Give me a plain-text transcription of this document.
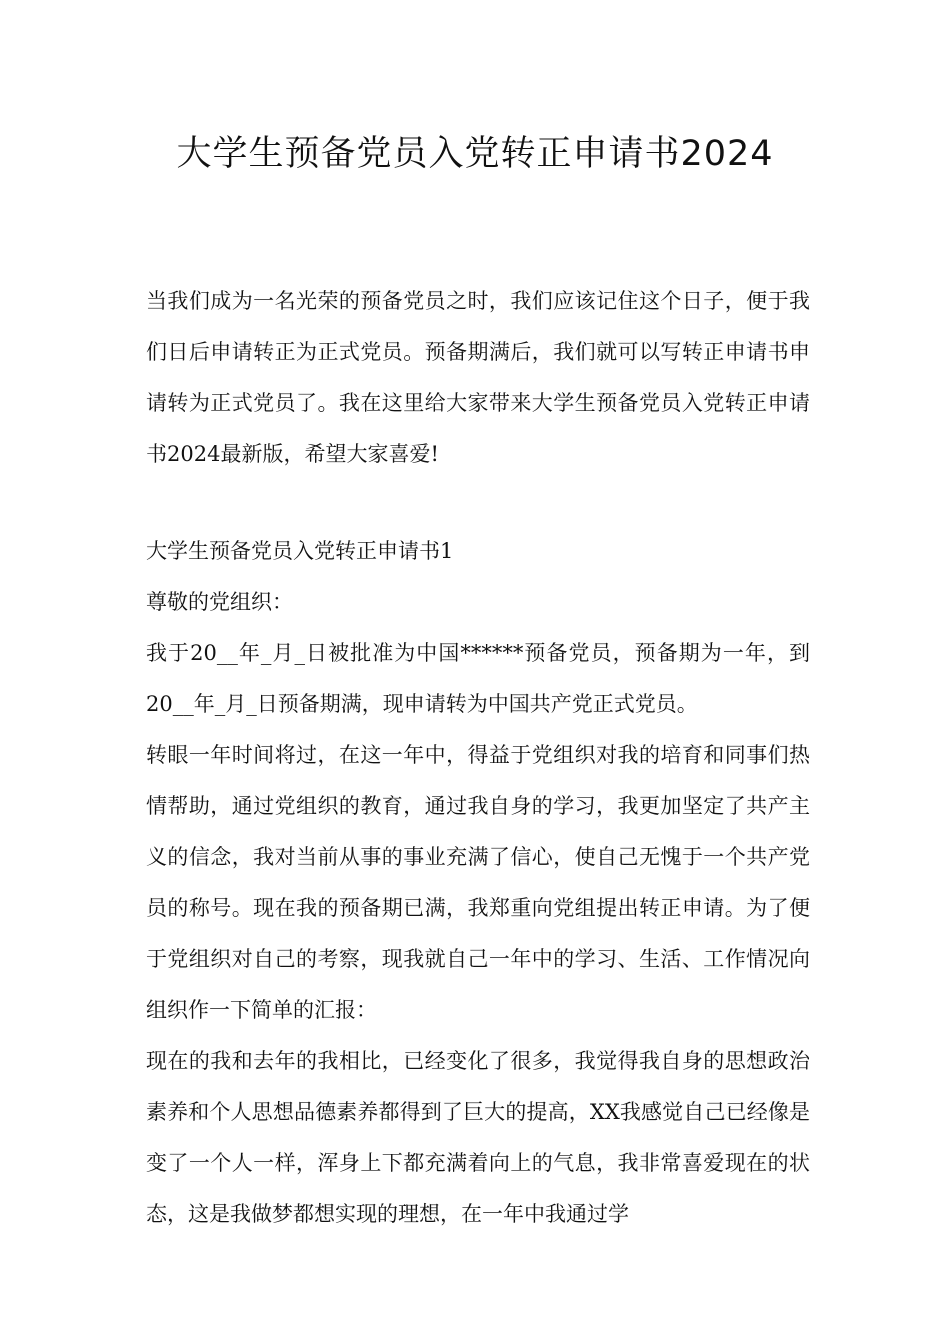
大学生预备党员入党转正申请书2024

当我们成为一名光荣的预备党员之时，我们应该记住这个日子，便于我们日后申请转正为正式党员。预备期满后，我们就可以写转正申请书申请转为正式党员了。我在这里给大家带来大学生预备党员入党转正申请书2024最新版，希望大家喜爱!

大学生预备党员入党转正申请书1

尊敬的党组织：

我于20__年_月_日被批准为中国******预备党员，预备期为一年，到20__年_月_日预备期满，现申请转为中国共产党正式党员。

转眼一年时间将过，在这一年中，得益于党组织对我的培育和同事们热情帮助，通过党组织的教育，通过我自身的学习，我更加坚定了共产主义的信念，我对当前从事的事业充满了信心，使自己无愧于一个共产党员的称号。现在我的预备期已满，我郑重向党组提出转正申请。为了便于党组织对自己的考察，现我就自己一年中的学习、生活、工作情况向组织作一下简单的汇报：

现在的我和去年的我相比，已经变化了很多，我觉得我自身的思想政治素养和个人思想品德素养都得到了巨大的提高，XX我感觉自己已经像是变了一个人一样，浑身上下都充满着向上的气息，我非常喜爱现在的状态，这是我做梦都想实现的理想，在一年中我通过学
